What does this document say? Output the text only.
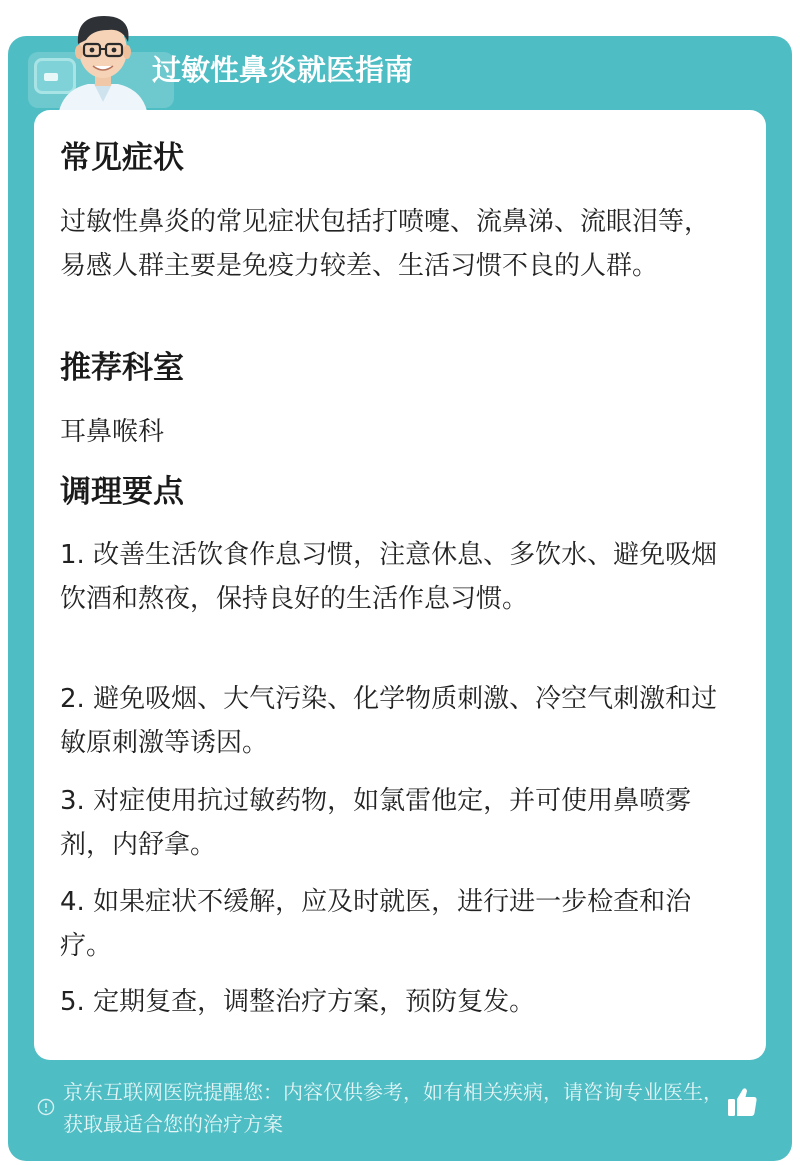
过敏性鼻炎就医指南
常见症状
过敏性鼻炎的常见症状包括打喷嚏、流鼻涕、流眼泪等，易感人群主要是免疫力较差、生活习惯不良的人群。
推荐科室
耳鼻喉科
调理要点
1. 改善生活饮食作息习惯，注意休息、多饮水、避免吸烟饮酒和熬夜，保持良好的生活作息习惯。
2. 避免吸烟、大气污染、化学物质刺激、冷空气刺激和过敏原刺激等诱因。
3. 对症使用抗过敏药物，如氯雷他定，并可使用鼻喷雾剂，内舒拿。
4. 如果症状不缓解，应及时就医，进行进一步检查和治疗。
5. 定期复查，调整治疗方案，预防复发。
京东互联网医院提醒您：内容仅供参考，如有相关疾病，请咨询专业医生，获取最适合您的治疗方案
